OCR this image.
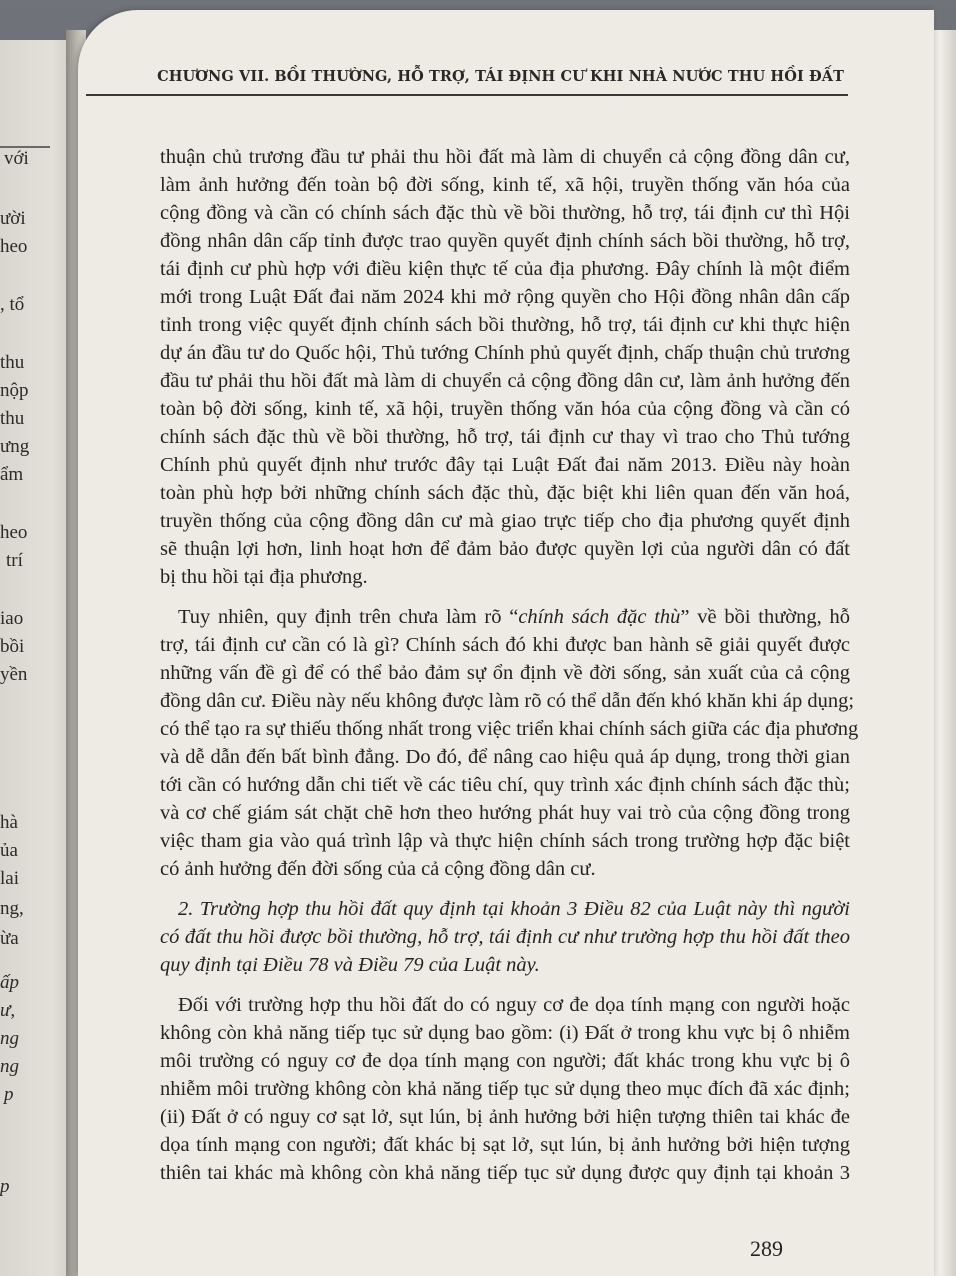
với
ười
heo
, tổ
thu
nộp
thu
ưng
ẩm
heo
trí
iao
bồi
yền
hà
ủa
lai
ng,
ừa
ấp
ư,
ng
ng
p
p
CHƯƠNG VII. BỒI THƯỜNG, HỖ TRỢ, TÁI ĐỊNH CƯ KHI NHÀ NƯỚC THU HỒI ĐẤT
thuận chủ trương đầu tư phải thu hồi đất mà làm di chuyển cả cộng đồng dân cư,
làm ảnh hưởng đến toàn bộ đời sống, kinh tế, xã hội, truyền thống văn hóa của
cộng đồng và cần có chính sách đặc thù về bồi thường, hỗ trợ, tái định cư thì Hội
đồng nhân dân cấp tỉnh được trao quyền quyết định chính sách bồi thường, hỗ trợ,
tái định cư phù hợp với điều kiện thực tế của địa phương. Đây chính là một điểm
mới trong Luật Đất đai năm 2024 khi mở rộng quyền cho Hội đồng nhân dân cấp
tỉnh trong việc quyết định chính sách bồi thường, hỗ trợ, tái định cư khi thực hiện
dự án đầu tư do Quốc hội, Thủ tướng Chính phủ quyết định, chấp thuận chủ trương
đầu tư phải thu hồi đất mà làm di chuyển cả cộng đồng dân cư, làm ảnh hưởng đến
toàn bộ đời sống, kinh tế, xã hội, truyền thống văn hóa của cộng đồng và cần có
chính sách đặc thù về bồi thường, hỗ trợ, tái định cư thay vì trao cho Thủ tướng
Chính phủ quyết định như trước đây tại Luật Đất đai năm 2013. Điều này hoàn
toàn phù hợp bởi những chính sách đặc thù, đặc biệt khi liên quan đến văn hoá,
truyền thống của cộng đồng dân cư mà giao trực tiếp cho địa phương quyết định
sẽ thuận lợi hơn, linh hoạt hơn để đảm bảo được quyền lợi của người dân có đất
bị thu hồi tại địa phương.
Tuy nhiên, quy định trên chưa làm rõ “chính sách đặc thù” về bồi thường, hỗ
trợ, tái định cư cần có là gì? Chính sách đó khi được ban hành sẽ giải quyết được
những vấn đề gì để có thể bảo đảm sự ổn định về đời sống, sản xuất của cả cộng
đồng dân cư. Điều này nếu không được làm rõ có thể dẫn đến khó khăn khi áp dụng;
có thể tạo ra sự thiếu thống nhất trong việc triển khai chính sách giữa các địa phương
và dễ dẫn đến bất bình đẳng. Do đó, để nâng cao hiệu quả áp dụng, trong thời gian
tới cần có hướng dẫn chi tiết về các tiêu chí, quy trình xác định chính sách đặc thù;
và cơ chế giám sát chặt chẽ hơn theo hướng phát huy vai trò của cộng đồng trong
việc tham gia vào quá trình lập và thực hiện chính sách trong trường hợp đặc biệt
có ảnh hưởng đến đời sống của cả cộng đồng dân cư.
2. Trường hợp thu hồi đất quy định tại khoản 3 Điều 82 của Luật này thì người
có đất thu hồi được bồi thường, hỗ trợ, tái định cư như trường hợp thu hồi đất theo
quy định tại Điều 78 và Điều 79 của Luật này.
Đối với trường hợp thu hồi đất do có nguy cơ đe dọa tính mạng con người hoặc
không còn khả năng tiếp tục sử dụng bao gồm: (i) Đất ở trong khu vực bị ô nhiễm
môi trường có nguy cơ đe dọa tính mạng con người; đất khác trong khu vực bị ô
nhiễm môi trường không còn khả năng tiếp tục sử dụng theo mục đích đã xác định;
(ii) Đất ở có nguy cơ sạt lở, sụt lún, bị ảnh hưởng bởi hiện tượng thiên tai khác đe
dọa tính mạng con người; đất khác bị sạt lở, sụt lún, bị ảnh hưởng bởi hiện tượng
thiên tai khác mà không còn khả năng tiếp tục sử dụng được quy định tại khoản 3
289
